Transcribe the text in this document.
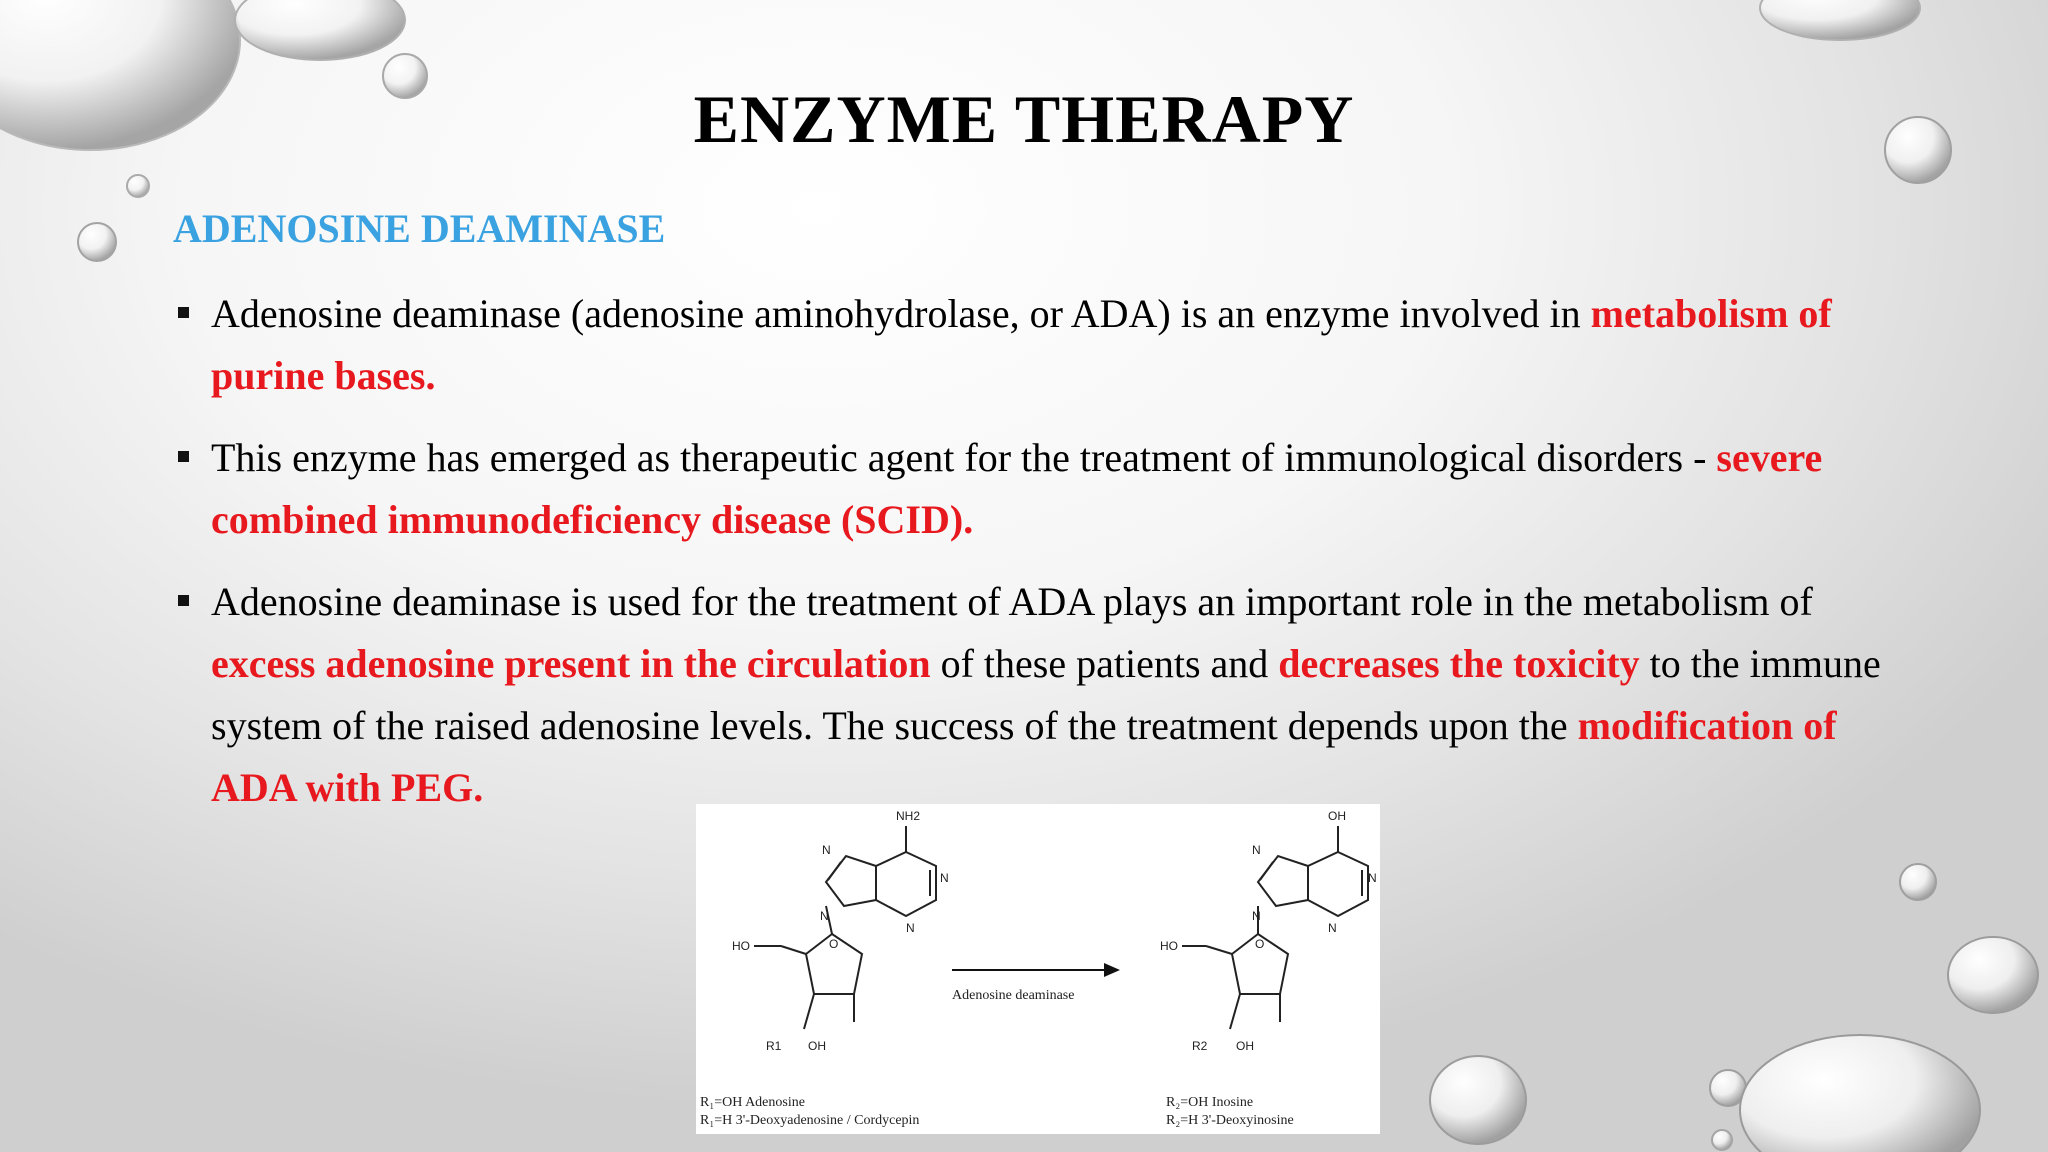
ENZYME THERAPY
ADENOSINE DEAMINASE
Adenosine deaminase (adenosine aminohydrolase, or ADA) is an enzyme involved in metabolism of purine bases.
This enzyme has emerged as therapeutic agent for the treatment of immunological disorders - severe combined immunodeficiency disease (SCID).
Adenosine deaminase is used for the treatment of ADA plays an important role in the metabolism of excess adenosine present in the circulation of these patients and decreases the toxicity to the immune system of the raised adenosine levels. The success of the treatment depends upon the modification of ADA with PEG.
NH2
N
N
N
N
O
HO
R1 OH
Adenosine deaminase
OH
N
N
N
N
O
HO
R2 OH
R₁=OH Adenosine
R₁=H 3'-Deoxyadenosine / Cordycepin
R₂=OH Inosine
R₂=H 3'-Deoxyinosine
